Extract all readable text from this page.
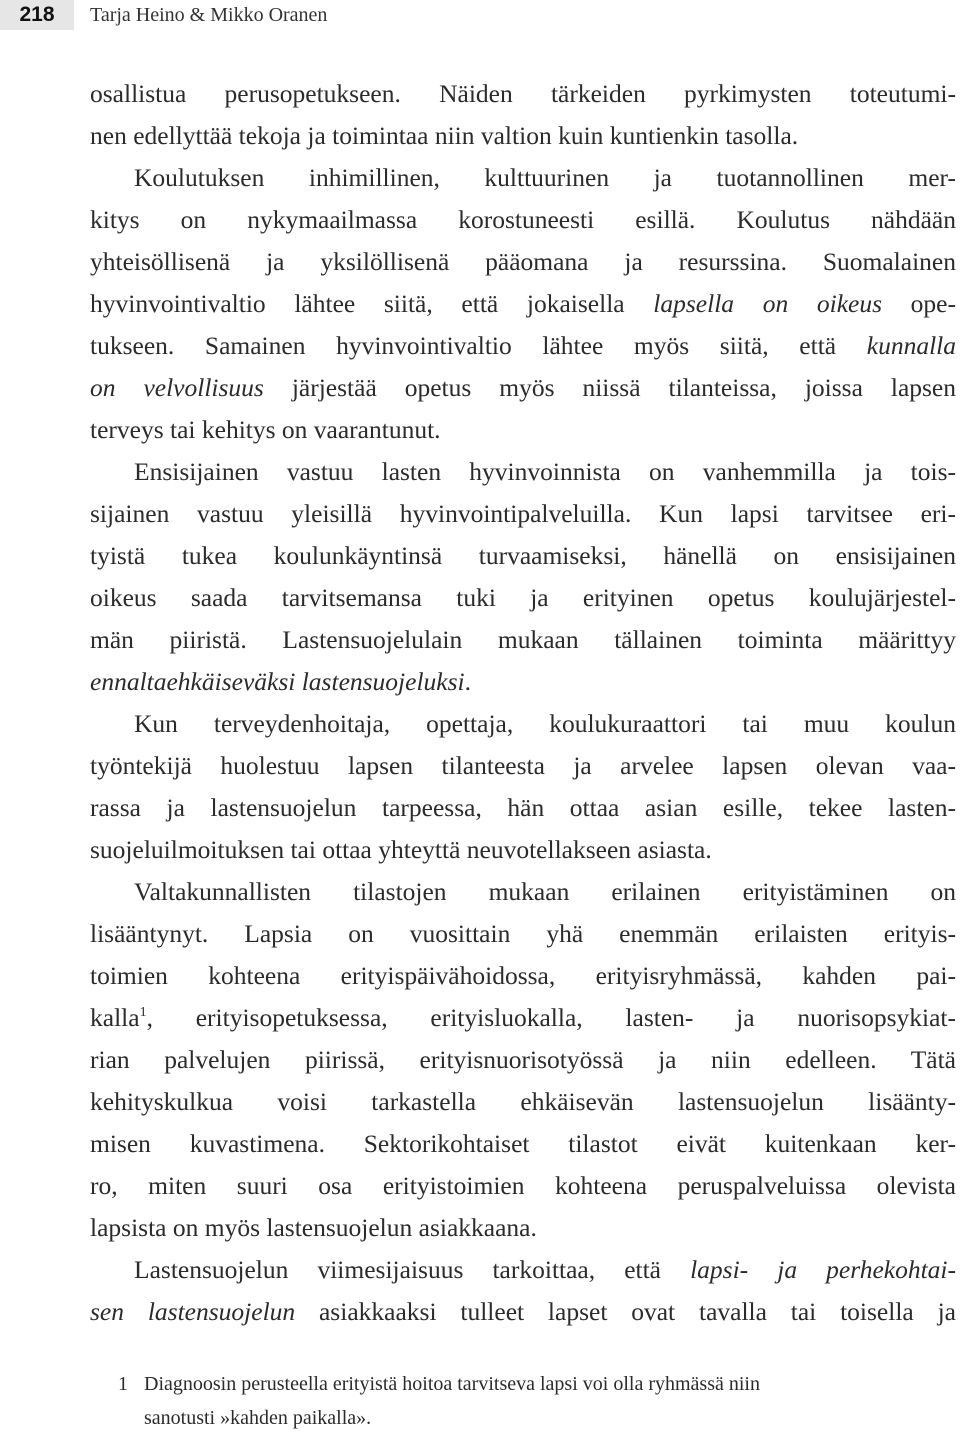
218	Tarja Heino & Mikko Oranen

osallistua perusopetukseen. Näiden tärkeiden pyrkimysten toteutumi-
nen edellyttää tekoja ja toimintaa niin valtion kuin kuntienkin tasolla.

Koulutuksen inhimillinen, kulttuurinen ja tuotannollinen mer-
kitys on nykymaailmassa korostuneesti esillä. Koulutus nähdään
yhteisöllisenä ja yksilöllisenä pääomana ja resurssina. Suomalainen
hyvinvointivaltio lähtee siitä, että jokaisella lapsella on oikeus ope-
tukseen. Samainen hyvinvointivaltio lähtee myös siitä, että kunnalla
on velvollisuus järjestää opetus myös niissä tilanteissa, joissa lapsen
terveys tai kehitys on vaarantunut.

Ensisijainen vastuu lasten hyvinvoinnista on vanhemmilla ja tois-
sijainen vastuu yleisillä hyvinvointipalveluilla. Kun lapsi tarvitsee eri-
tyistä tukea koulunkäyntinsä turvaamiseksi, hänellä on ensisijainen
oikeus saada tarvitsemansa tuki ja erityinen opetus koulujärjestel-
män piiristä. Lastensuojelulain mukaan tällainen toiminta määrittyy
ennaltaehkäiseväksi lastensuojeluksi.

Kun terveydenhoitaja, opettaja, koulukuraattori tai muu koulun
työntekijä huolestuu lapsen tilanteesta ja arvelee lapsen olevan vaa-
rassa ja lastensuojelun tarpeessa, hän ottaa asian esille, tekee lasten-
suojeluilmoituksen tai ottaa yhteyttä neuvotellakseen asiasta.

Valtakunnallisten tilastojen mukaan erilainen erityistäminen on
lisääntynyt. Lapsia on vuosittain yhä enemmän erilaisten erityis-
toimien kohteena erityispäivähoidossa, erityisryhmässä, kahden pai-
kalla$^1$, erityisopetuksessa, erityisluokalla, lasten- ja nuorisopsykiat-
rian palvelujen piirissä, erityisnuorisotyössä ja niin edelleen. Tätä
kehityskulkua voisi tarkastella ehkäisevän lastensuojelun lisäänty-
misen kuvastimena. Sektorikohtaiset tilastot eivät kuitenkaan ker-
ro, miten suuri osa erityistoimien kohteena peruspalveluissa olevista
lapsista on myös lastensuojelun asiakkaana.

Lastensuojelun viimesijaisuus tarkoittaa, että lapsi- ja perhekohtai-
sen lastensuojelun asiakkaaksi tulleet lapset ovat tavalla tai toisella ja

1 Diagnoosin perusteella erityistä hoitoa tarvitseva lapsi voi olla ryhmässä niin
sanotusti »kahden paikalla».
